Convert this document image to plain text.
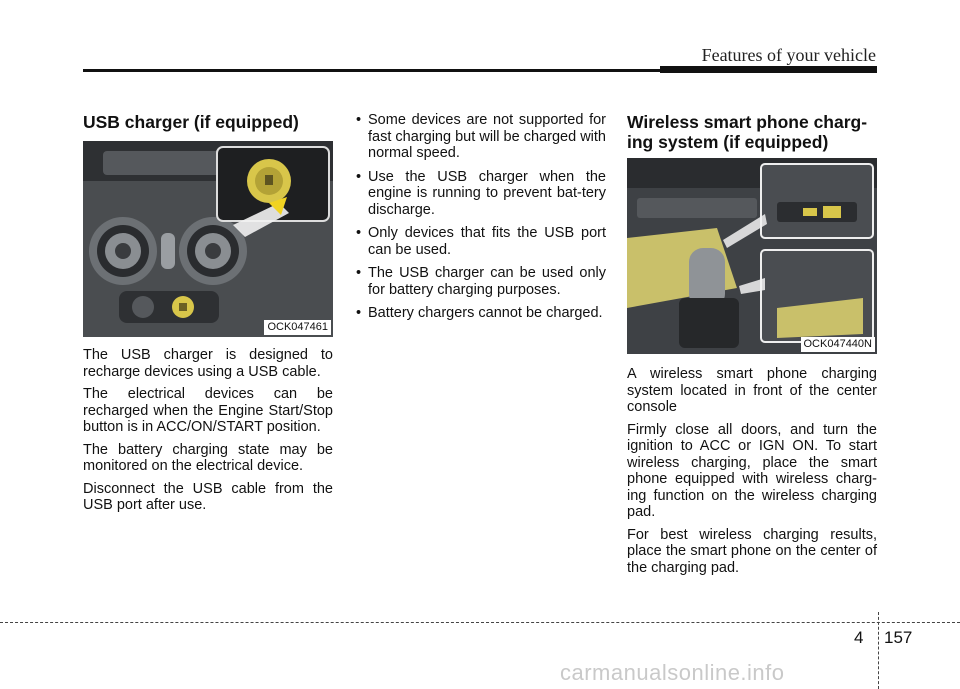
Features of your vehicle
USB charger (if equipped)
OCK047461

The USB charger is designed to recharge devices using a USB cable.

The electrical devices can be recharged when the Engine Start/Stop button is in ACC/ON/START position.

The battery charging state may be monitored on the electrical device.

Disconnect the USB cable from the USB port after use.

• Some devices are not supported for fast charging but will be charged with normal speed.
• Use the USB charger when the engine is running to prevent bat-tery discharge.
• Only devices that fits the USB port can be used.
• The USB charger can be used only for battery charging purposes.
• Battery chargers cannot be charged.
Wireless smart phone charg-ing system (if equipped)
OCK047440N

A wireless smart phone charging system located in front of the center console

Firmly close all doors, and turn the ignition to ACC or IGN ON. To start wireless charging, place the smart phone equipped with wireless charg-ing function on the wireless charging pad.

For best wireless charging results, place the smart phone on the center of the charging pad.

4 157
carmanualsonline.info
